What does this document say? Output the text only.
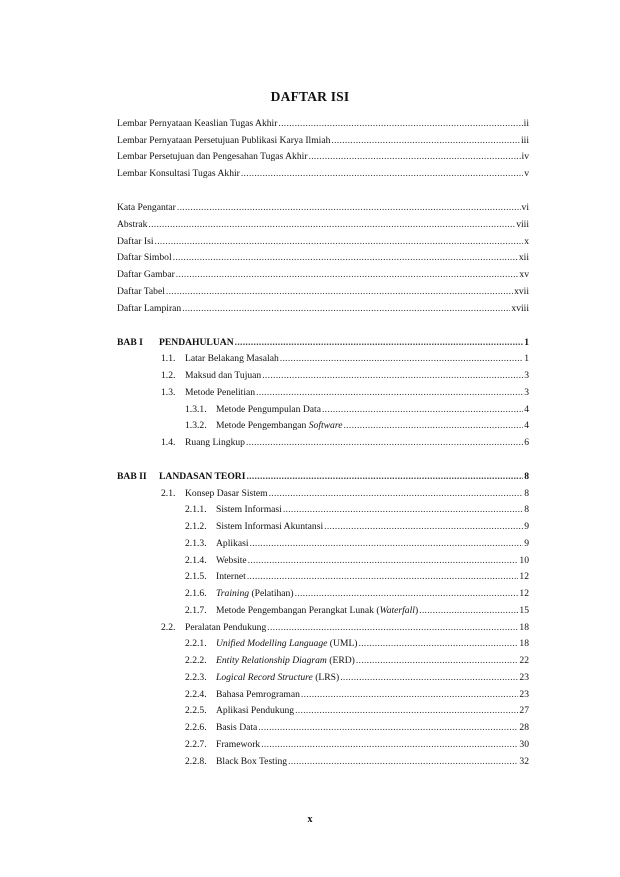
DAFTAR ISI
Lembar Pernyataan Keaslian Tugas Akhir .....	ii
Lembar Pernyataan Persetujuan Publikasi Karya Ilmiah .....	iii
Lembar Persetujuan dan Pengesahan Tugas Akhir .....	iv
Lembar Konsultasi Tugas Akhir .....	v
Kata Pengantar .....	vi
Abstrak .....	viii
Daftar Isi .....	x
Daftar Simbol .....	xii
Daftar Gambar .....	xv
Daftar Tabel .....	xvii
Daftar Lampiran .....	xviii
BAB I	PENDAHULUAN .....	1
1.1.	Latar Belakang Masalah .....	1
1.2.	Maksud dan Tujuan .....	3
1.3.	Metode Penelitian .....	3
1.3.1. Metode Pengumpulan Data .....	4
1.3.2. Metode Pengembangan Software .....	4
1.4.	Ruang Lingkup .....	6
BAB II	LANDASAN TEORI .....	8
2.1.	Konsep Dasar Sistem .....	8
2.1.1. Sistem Informasi .....	8
2.1.2. Sistem Informasi Akuntansi .....	9
2.1.3. Aplikasi .....	9
2.1.4. Website .....	10
2.1.5. Internet .....	12
2.1.6. Training (Pelatihan) .....	12
2.1.7. Metode Pengembangan Perangkat Lunak (Waterfall) .....	15
2.2.	Peralatan Pendukung .....	18
2.2.1. Unified Modelling Language (UML) .....	18
2.2.2. Entity Relationship Diagram (ERD) .....	22
2.2.3. Logical Record Structure (LRS) .....	23
2.2.4. Bahasa Pemrograman .....	23
2.2.5. Aplikasi Pendukung .....	27
2.2.6. Basis Data .....	28
2.2.7. Framework .....	30
2.2.8. Black Box Testing .....	32
x
